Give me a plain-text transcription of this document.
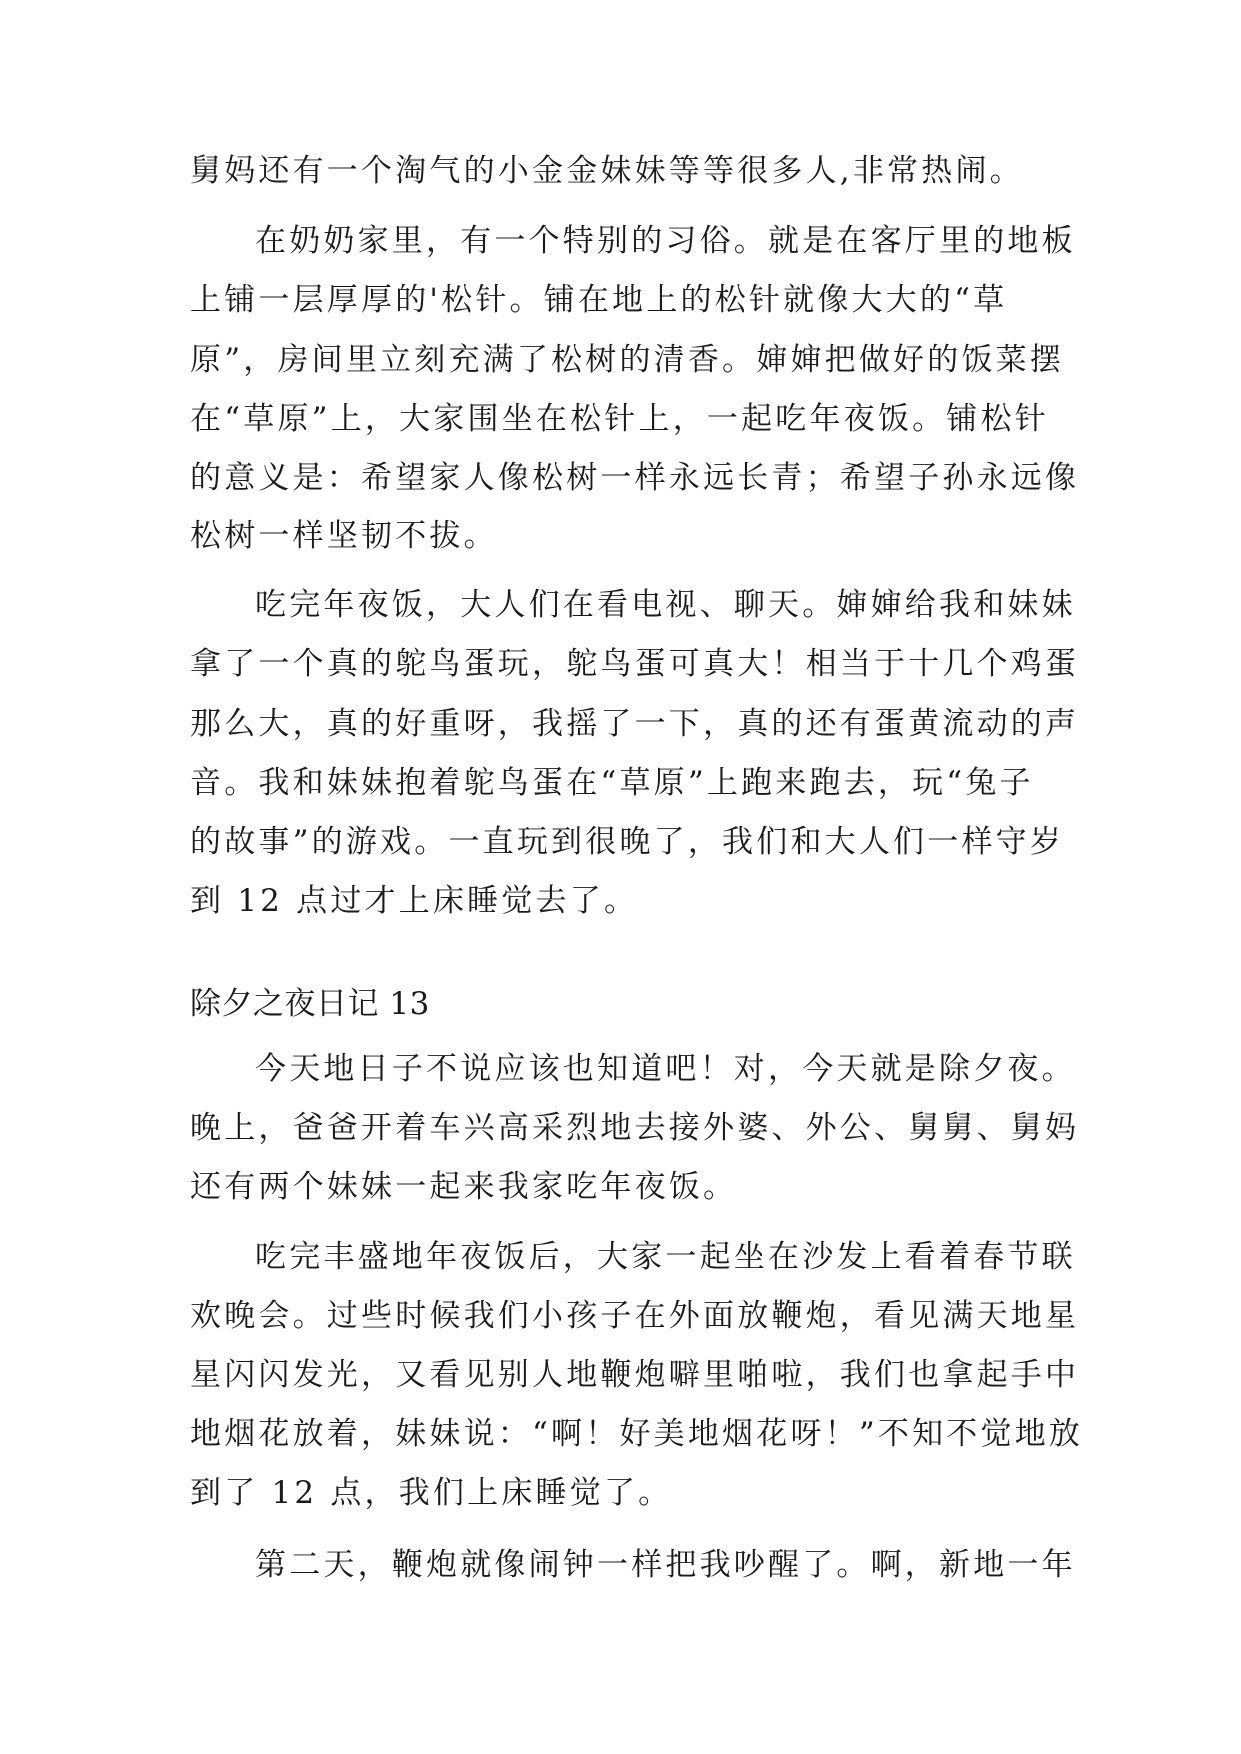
舅妈还有一个淘气的小金金妹妹等等很多人,非常热闹。
在奶奶家里，有一个特别的习俗。就是在客厅里的地板
上铺一层厚厚的'松针。铺在地上的松针就像大大的“草
原”，房间里立刻充满了松树的清香。婶婶把做好的饭菜摆
在“草原”上，大家围坐在松针上，一起吃年夜饭。铺松针
的意义是：希望家人像松树一样永远长青；希望子孙永远像
松树一样坚韧不拔。
吃完年夜饭，大人们在看电视、聊天。婶婶给我和妹妹
拿了一个真的鸵鸟蛋玩，鸵鸟蛋可真大！相当于十几个鸡蛋
那么大，真的好重呀，我摇了一下，真的还有蛋黄流动的声
音。我和妹妹抱着鸵鸟蛋在“草原”上跑来跑去，玩“兔子
的故事”的游戏。一直玩到很晚了，我们和大人们一样守岁
到 12 点过才上床睡觉去了。
除夕之夜日记 13
今天地日子不说应该也知道吧！对，今天就是除夕夜。
晚上，爸爸开着车兴高采烈地去接外婆、外公、舅舅、舅妈
还有两个妹妹一起来我家吃年夜饭。
吃完丰盛地年夜饭后，大家一起坐在沙发上看着春节联
欢晚会。过些时候我们小孩子在外面放鞭炮，看见满天地星
星闪闪发光，又看见别人地鞭炮噼里啪啦，我们也拿起手中
地烟花放着，妹妹说：“啊！好美地烟花呀！”不知不觉地放
到了 12 点，我们上床睡觉了。
第二天，鞭炮就像闹钟一样把我吵醒了。啊，新地一年
